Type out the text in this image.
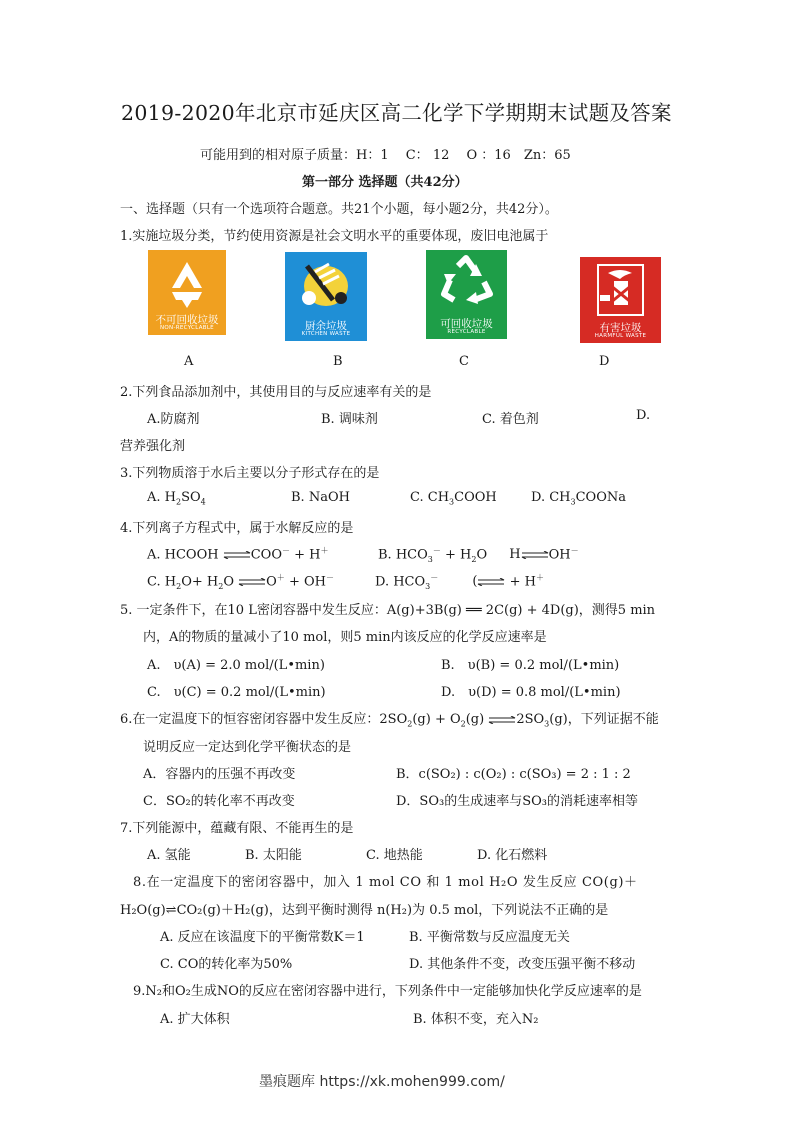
2019-2020年北京市延庆区高二化学下学期期末试题及答案
可能用到的相对原子质量：H：1　 C： 12　 O ：16　Zn：65
第一部分 选择题（共42分）
一、选择题（只有一个选项符合题意。共21个小题，每小题2分，共42分）。
1.实施垃圾分类，节约使用资源是社会文明水平的重要体现，废旧电池属于
不可回收垃圾
NON-RECYCLABLE	厨余垃圾
KITCHEN WASTE
可回收垃圾
RECYCLABLE	有害垃圾
HARMFUL WASTE
A	B	C	D
2.下列食品添加剂中，其使用目的与反应速率有关的是
A.防腐剂	B. 调味剂	C. 着色剂	D.
营养强化剂
3.下列物质溶于水后主要以分子形式存在的是
A. $H_2SO_4$	B. NaOH	C. $CH_3COOH$	D. $CH_3COONa$
4.下列离子方程式中，属于水解反应的是
A. HCOOH ⇌COO－ + H＋	B. $HCO_3^- + H_2O$ H⇌OH－
C. $H_2O+ H_2O$ ⇌O＋ + OH－	D. $HCO_3^-$	(⇌ + H＋
5. 一定条件下，在10 L密闭容器中发生反应：A(g)+3B(g) ══ 2C(g) + 4D(g)，测得5 min
内，A的物质的量减小了10 mol，则5 min内该反应的化学反应速率是
A.　υ(A) = 2.0 mol/(L•min)	B.　υ(B) = 0.2 mol/(L•min)
C.　υ(C) = 0.2 mol/(L•min)	D.　υ(D) = 0.8 mol/(L•min)
6.在一定温度下的恒容密闭容器中发生反应：$2SO_2(g) + O_2(g)$ $\rightleftharpoons 2SO_3(g)$，下列证据不能
说明反应一定达到化学平衡状态的是
A．容器内的压强不再改变	B．c(SO₂) : c(O₂) : c(SO₃) = 2 : 1 : 2
C．SO₂的转化率不再改变	D．SO₃的生成速率与SO₃的消耗速率相等
7.下列能源中，蕴藏有限、不能再生的是
A. 氢能	B. 太阳能	C. 地热能	D. 化石燃料
8.在一定温度下的密闭容器中，加入 1 mol CO 和 1 mol H₂O 发生反应 CO(g)＋
H₂O(g)⇌CO₂(g)＋H₂(g)，达到平衡时测得 n(H₂)为 0.5 mol，下列说法不正确的是
A. 反应在该温度下的平衡常数K＝1	B. 平衡常数与反应温度无关
C. CO的转化率为50%	D. 其他条件不变，改变压强平衡不移动
9.N₂和O₂生成NO的反应在密闭容器中进行，下列条件中一定能够加快化学反应速率的是
A. 扩大体积	B. 体积不变，充入N₂
墨痕题库 https://xk.mohen999.com/
